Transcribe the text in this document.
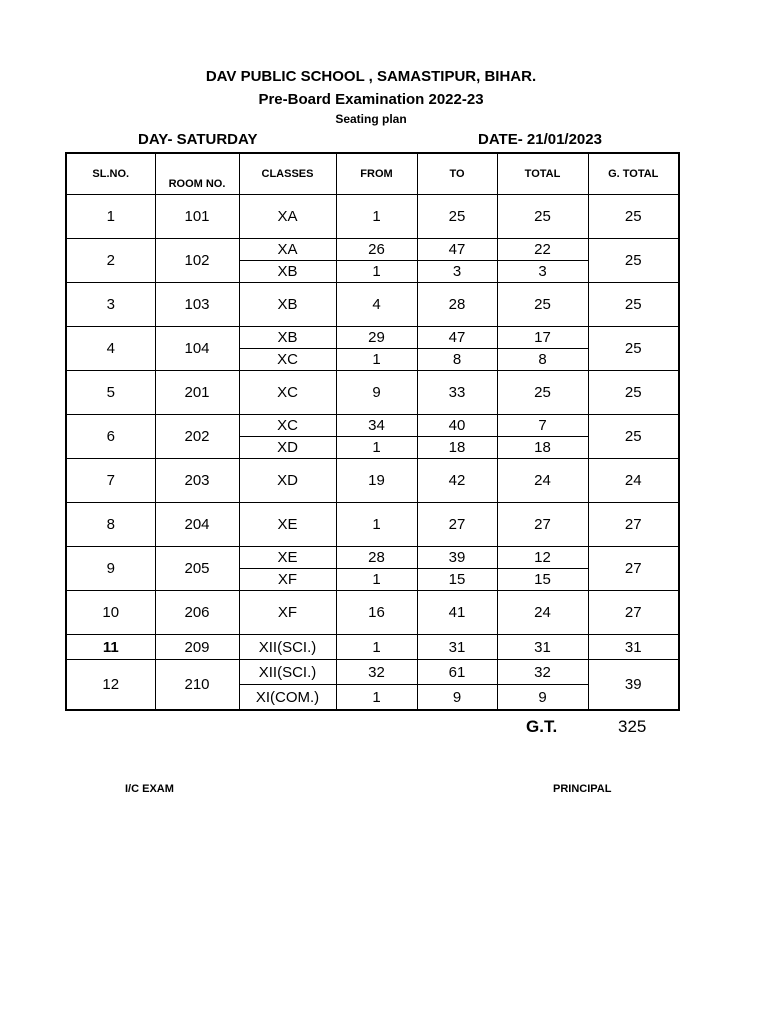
DAV PUBLIC SCHOOL , SAMASTIPUR, BIHAR.
Pre-Board Examination 2022-23
Seating plan
DAY- SATURDAY	DATE- 21/01/2023
SL.NO.	ROOM NO.	CLASSES	FROM	TO	TOTAL	G. TOTAL
1	101	XA	1	25	25	25
2	102	XA	26	47	22	25
		XB	1	3	3	
3	103	XB	4	28	25	25
4	104	XB	29	47	17	25
		XC	1	8	8	
5	201	XC	9	33	25	25
6	202	XC	34	40	7	25
		XD	1	18	18	
7	203	XD	19	42	24	24
8	204	XE	1	27	27	27
9	205	XE	28	39	12	27
		XF	1	15	15	
10	206	XF	16	41	24	27
11	209	XII(SCI.)	1	31	31	31
12	210	XII(SCI.)	32	61	32	39
		XI(COM.)	1	9	9	
G.T.	325
I/C EXAM	PRINCIPAL
